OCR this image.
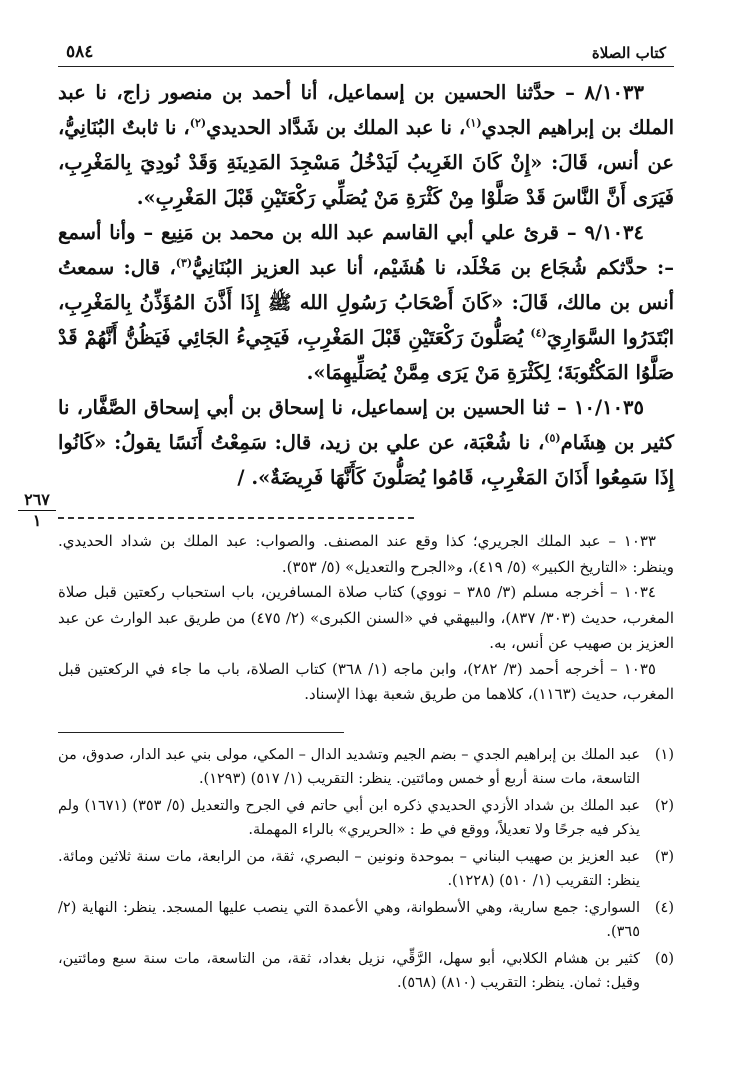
كتاب الصلاة
٥٨٤

٨/١٠٣٣ – حدَّثنا الحسين بن إسماعيل، أنا أحمد بن منصور زاج، نا عبد الملك بن إبراهيم الجدي$^{(١)}$، نا عبد الملك بن شَدَّاد الحديدي$^{(٢)}$، نا ثابتٌ البُنَانِيُّ، عن أنس، قَالَ: «إِنْ كَانَ الغَرِيبُ لَيَدْخُلُ مَسْجِدَ المَدِينَةِ وَقَدْ نُودِيَ بِالمَغْرِبِ، فَيَرَى أَنَّ النَّاسَ قَدْ صَلَّوْا مِنْ كَثْرَةِ مَنْ يُصَلِّي رَكْعَتَيْنِ قَبْلَ المَغْرِبِ».

٩/١٠٣٤ – قرئ علي أبي القاسم عبد الله بن محمد بن مَنِيع – وأنا أسمع –: حدَّثكم شُجَاع بن مَخْلَد، نا هُشَيْم، أنا عبد العزيز البُنَانِيُّ$^{(٣)}$، قال: سمعتُ أنس بن مالك، قَالَ: «كَانَ أَصْحَابُ رَسُولِ الله ﷺ إِذَا أَذَّنَ المُؤَذِّنُ بِالمَغْرِبِ، ابْتَدَرُوا السَّوَارِيَ$^{(٤)}$ يُصَلُّونَ رَكْعَتَيْنِ قَبْلَ المَغْرِبِ، فَيَجِيءُ الجَائِي فَيَظُنُّ أَنَّهُمْ قَدْ صَلَّوُا المَكْتُوبَةَ؛ لِكَثْرَةِ مَنْ يَرَى مِمَّنْ يُصَلِّيهِمَا».

١٠/١٠٣٥ – ثنا الحسين بن إسماعيل، نا إسحاق بن أبي إسحاق الصَّفَّار، نا كثير بن هِشَام$^{(٥)}$، نا شُعْبَة، عن علي بن زيد، قال: سَمِعْتُ أَنَسًا يقولُ: «كَانُوا إِذَا سَمِعُوا أَذَانَ المَغْرِبِ، قَامُوا يُصَلُّونَ كَأَنَّهَا فَرِيضَةٌ». /

١٠٣٣ – عبد الملك الجريري؛ كذا وقع عند المصنف. والصواب: عبد الملك بن شداد الحديدي. وينظر: «التاريخ الكبير» (٥/ ٤١٩)، و«الجرح والتعديل» (٥/ ٣٥٣).

١٠٣٤ – أخرجه مسلم (٣/ ٣٨٥ – نووي) كتاب صلاة المسافرين، باب استحباب ركعتين قبل صلاة المغرب، حديث (٣٠٣/ ٨٣٧)، والبيهقي في «السنن الكبرى» (٢/ ٤٧٥) من طريق عبد الوارث عن عبد العزيز بن صهيب عن أنس، به.

١٠٣٥ – أخرجه أحمد (٣/ ٢٨٢)، وابن ماجه (١/ ٣٦٨) كتاب الصلاة، باب ما جاء في الركعتين قبل المغرب، حديث (١١٦٣)، كلاهما من طريق شعبة بهذا الإسناد.

(١)
عبد الملك بن إبراهيم الجدي – بضم الجيم وتشديد الدال – المكي، مولى بني عبد الدار، صدوق، من التاسعة، مات سنة أربع أو خمس ومائتين. ينظر: التقريب (١/ ٥١٧) (١٢٩٣).
(٢)
عبد الملك بن شداد الأزدي الحديدي ذكره ابن أبي حاتم في الجرح والتعديل (٥/ ٣٥٣) (١٦٧١) ولم يذكر فيه جرحًا ولا تعديلاً، ووقع في ط : «الحريري» بالراء المهملة.
(٣)
عبد العزيز بن صهيب البناني – بموحدة ونونين – البصري، ثقة، من الرابعة، مات سنة ثلاثين ومائة. ينظر: التقريب (١/ ٥١٠) (١٢٢٨).
(٤)
السواري: جمع سارية، وهي الأسطوانة، وهي الأعمدة التي ينصب عليها المسجد. ينظر: النهاية (٢/ ٣٦٥).
(٥)
كثير بن هشام الكلابي، أبو سهل، الرَّقِّي، نزيل بغداد، ثقة، من التاسعة، مات سنة سبع ومائتين، وقيل: ثمان. ينظر: التقريب (٨١٠) (٥٦٨).
٢٦٧
١
